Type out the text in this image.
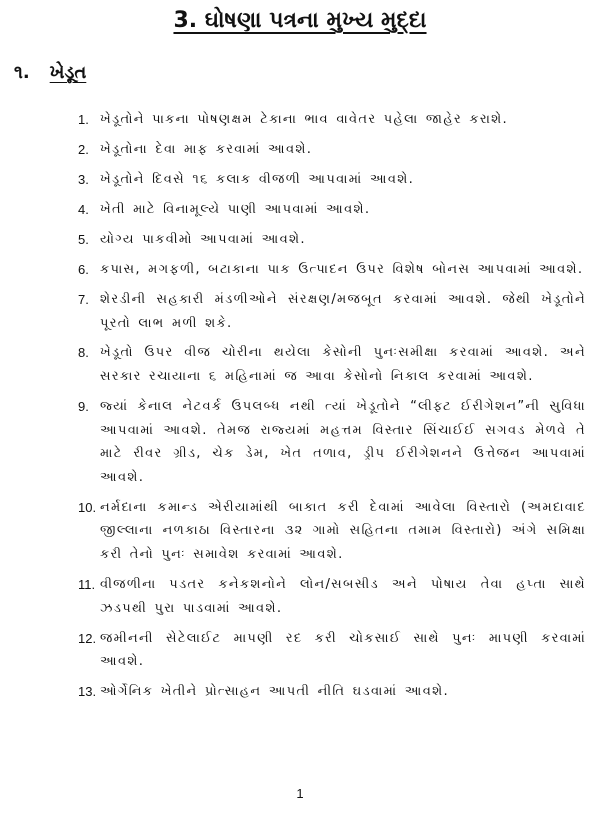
3. ઘોષણા પત્રના મુખ્ય મુદ્દા
૧. ખેડૂત
1. ખેડૂતોને પાકના પોષણક્ષમ ટેકાના ભાવ વાવેતર પહેલા જાહેર કરાશે.
2. ખેડૂતોના દેવા માફ કરવામાં આવશે.
3. ખેડૂતોને દિવસે ૧૬ કલાક વીજળી આપવામાં આવશે.
4. ખેતી માટે વિનામૂલ્યે પાણી આપવામાં આવશે.
5. યોગ્ય પાકવીમો આપવામાં આવશે.
6. કપાસ, મગફળી, બટાકાના પાક ઉત્પાદન ઉપર વિશેષ બોનસ આપવામાં આવશે.
7. શેરડીની સહકારી મંડળીઓને સંરક્ષણ/મજબૂત કરવામાં આવશે. જેથી ખેડૂતોને પૂરતો લાભ મળી શકે.
8. ખેડૂતો ઉપર વીજ ચોરીના થયેલા કેસોની પુનઃસમીક્ષા કરવામાં આવશે. અને સરકાર રચાયાના ૬ મહિનામાં જ આવા કેસોનો નિકાલ કરવામાં આવશે.
9. જ્યાં કેનાલ નેટવર્ક ઉપલબ્ધ નથી ત્યાં ખેડૂતોને “લીફ્ટ ઈરીગેશન”ની સુવિધા આપવામાં આવશે. તેમજ રાજ્યમાં મહત્તમ વિસ્તાર સિંચાઈઈ સગવડ મેળવે તે માટે રીવર ગ્રીડ, ચેક ડેમ, ખેત તળાવ, ડ્રીપ ઈરીગેશનને ઉત્તેજન આપવામાં આવશે.
10. નર્મદાના કમાન્ડ એરીયામાંથી બાકાત કરી દેવામાં આવેલા વિસ્તારો (અમદાવાદ જીલ્લાના નળકાઠા વિસ્તારના ૩૨ ગામો સહિતના તમામ વિસ્તારો) અંગે સમિક્ષા કરી તેનો પુનઃ સમાવેશ કરવામાં આવશે.
11. વીજળીના પડતર કનેકશનોને લોન/સબસીડ અને પોષાય તેવા હપ્તા સાથે ઝડપથી પુરા પાડવામાં આવશે.
12. જમીનની સેટેલાઈટ માપણી રદ કરી ચોકસાઈ સાથે પુનઃ માપણી કરવામાં આવશે.
13. ઓર્ગેનિક ખેતીને પ્રોત્સાહન આપતી નીતિ ઘડવામાં આવશે.
1
